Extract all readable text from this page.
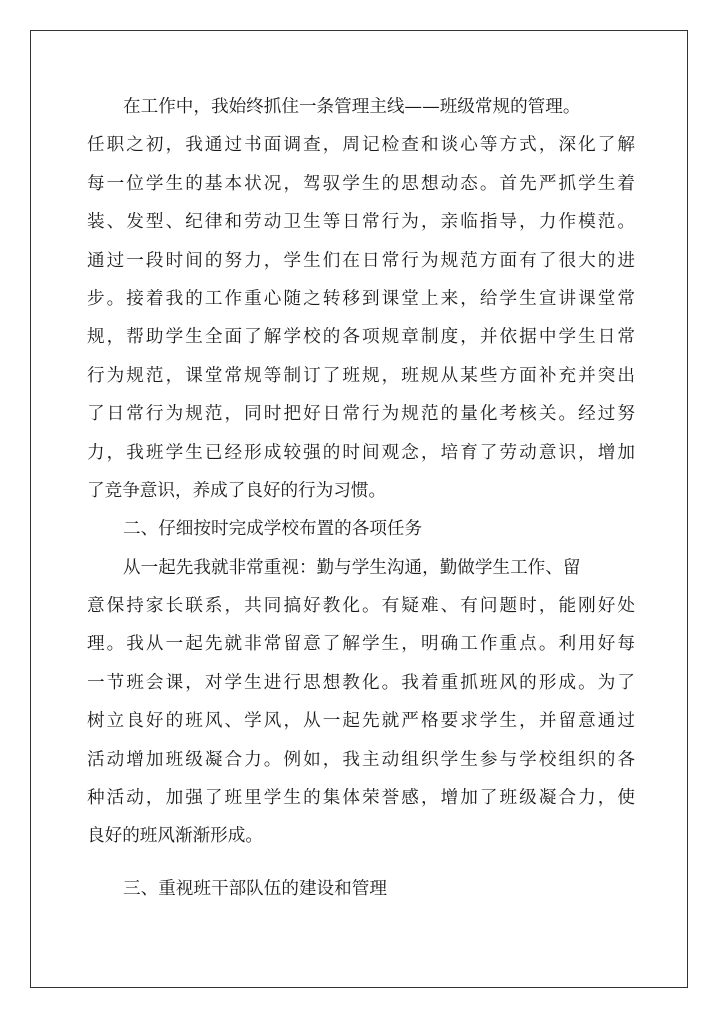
在工作中，我始终抓住一条管理主线——班级常规的管理。
任职之初，我通过书面调查，周记检查和谈心等方式，深化了解
每一位学生的基本状况，驾驭学生的思想动态。首先严抓学生着
装、发型、纪律和劳动卫生等日常行为，亲临指导，力作模范。
通过一段时间的努力，学生们在日常行为规范方面有了很大的进
步。接着我的工作重心随之转移到课堂上来，给学生宣讲课堂常
规，帮助学生全面了解学校的各项规章制度，并依据中学生日常
行为规范，课堂常规等制订了班规，班规从某些方面补充并突出
了日常行为规范，同时把好日常行为规范的量化考核关。经过努
力，我班学生已经形成较强的时间观念，培育了劳动意识，增加
了竞争意识，养成了良好的行为习惯。
二、仔细按时完成学校布置的各项任务
从一起先我就非常重视：勤与学生沟通，勤做学生工作、留
意保持家长联系，共同搞好教化。有疑难、有问题时，能刚好处
理。我从一起先就非常留意了解学生，明确工作重点。利用好每
一节班会课，对学生进行思想教化。我着重抓班风的形成。为了
树立良好的班风、学风，从一起先就严格要求学生，并留意通过
活动增加班级凝合力。例如，我主动组织学生参与学校组织的各
种活动，加强了班里学生的集体荣誉感，增加了班级凝合力，使
良好的班风渐渐形成。
三、重视班干部队伍的建设和管理
